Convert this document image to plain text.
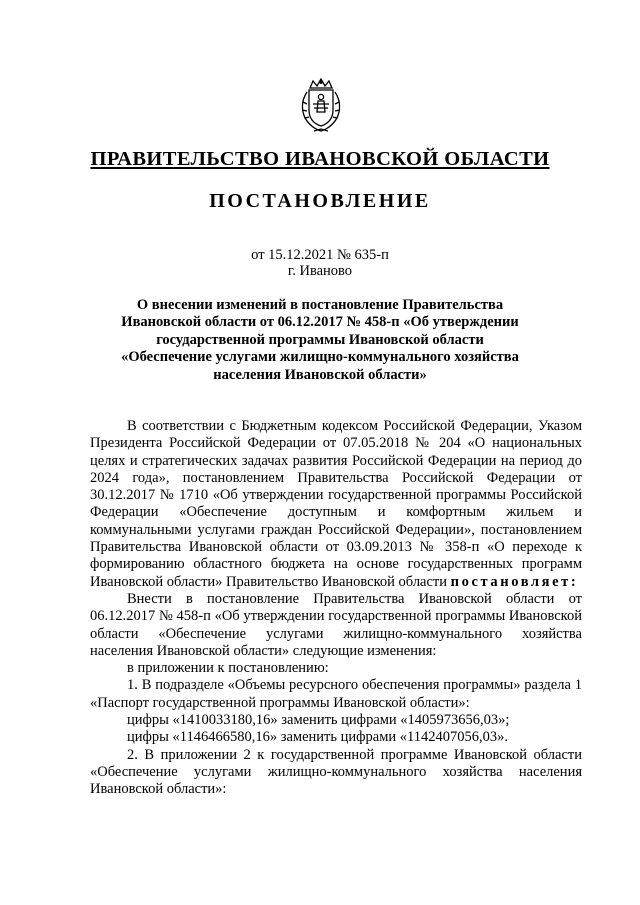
ПРАВИТЕЛЬСТВО ИВАНОВСКОЙ ОБЛАСТИ
ПОСТАНОВЛЕНИЕ
от 15.12.2021 № 635-п
г. Иваново
О внесении изменений в постановление Правительства Ивановской области от 06.12.2017 № 458-п «Об утверждении государственной программы Ивановской области «Обеспечение услугами жилищно-коммунального хозяйства населения Ивановской области»

В соответствии с Бюджетным кодексом Российской Федерации, Указом Президента Российской Федерации от 07.05.2018 № 204 «О национальных целях и стратегических задачах развития Российской Федерации на период до 2024 года», постановлением Правительства Российской Федерации от 30.12.2017 № 1710 «Об утверждении государственной программы Российской Федерации «Обеспечение доступным и комфортным жильем и коммунальными услугами граждан Российской Федерации», постановлением Правительства Ивановской области от 03.09.2013 № 358-п «О переходе к формированию областного бюджета на основе государственных программ Ивановской области» Правительство Ивановской области постановляет:

Внести в постановление Правительства Ивановской области от 06.12.2017 № 458-п «Об утверждении государственной программы Ивановской области «Обеспечение услугами жилищно-коммунального хозяйства населения Ивановской области» следующие изменения:

в приложении к постановлению:

1. В подразделе «Объемы ресурсного обеспечения программы» раздела 1 «Паспорт государственной программы Ивановской области»:

цифры «1410033180,16» заменить цифрами «1405973656,03»;

цифры «1146466580,16» заменить цифрами «1142407056,03».

2. В приложении 2 к государственной программе Ивановской области «Обеспечение услугами жилищно-коммунального хозяйства населения Ивановской области»:
